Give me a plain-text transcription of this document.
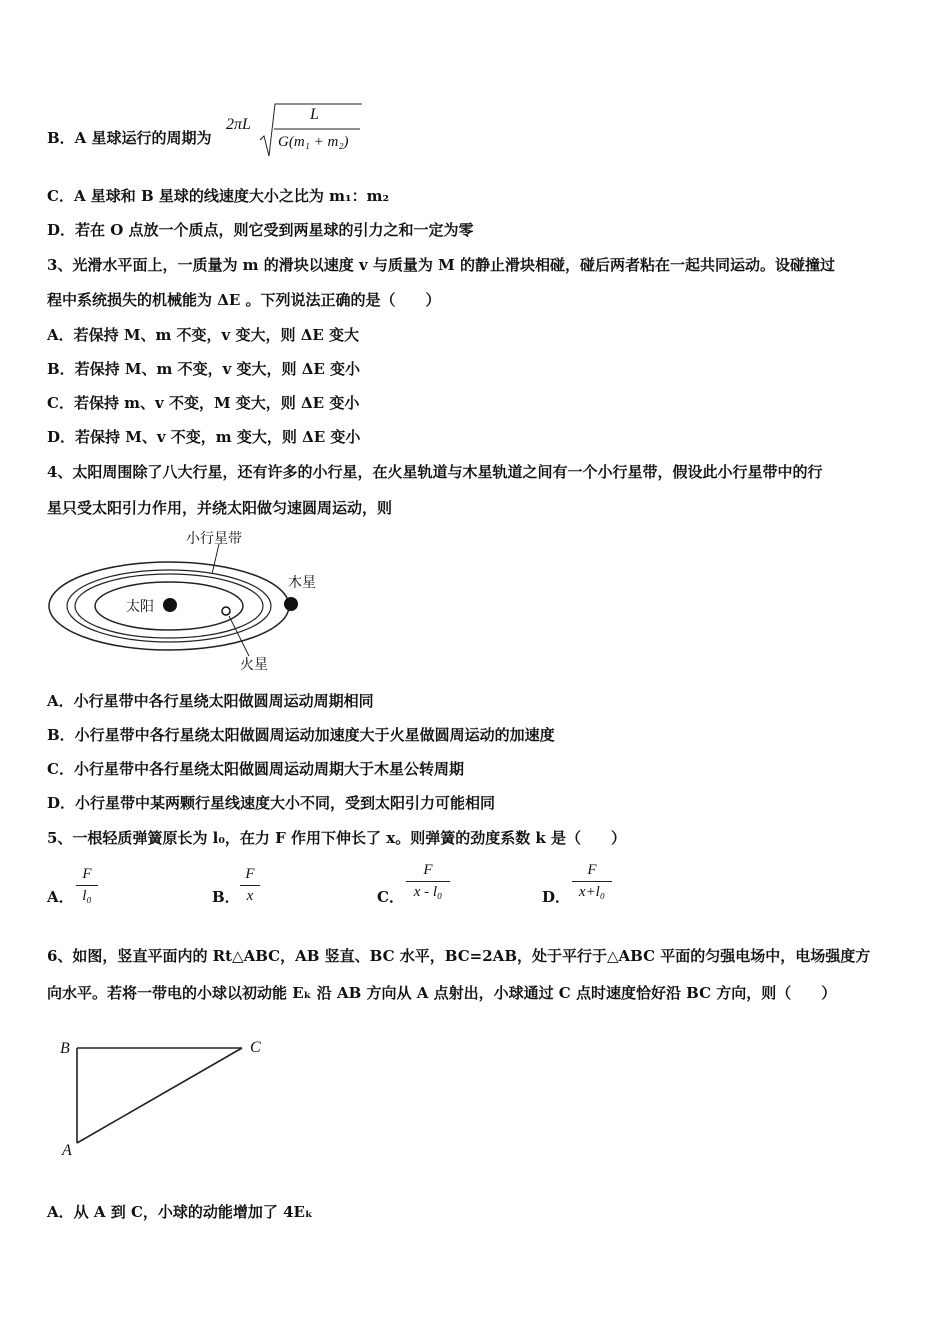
B．A 星球运行的周期为
2πL
L
G(m₁ + m₂)
C．A 星球和 B 星球的线速度大小之比为 m₁：m₂
D．若在 O 点放一个质点，则它受到两星球的引力之和一定为零
3、光滑水平面上，一质量为 m 的滑块以速度 v 与质量为 M 的静止滑块相碰，碰后两者粘在一起共同运动。设碰撞过
程中系统损失的机械能为 ΔE 。下列说法正确的是（　　）
A．若保持 M、m 不变，v 变大，则 ΔE 变大
B．若保持 M、m 不变，v 变大，则 ΔE 变小
C．若保持 m、v 不变，M 变大，则 ΔE 变小
D．若保持 M、v 不变，m 变大，则 ΔE 变小
4、太阳周围除了八大行星，还有许多的小行星，在火星轨道与木星轨道之间有一个小行星带，假设此小行星带中的行
星只受太阳引力作用，并绕太阳做匀速圆周运动，则
小行星带
木星
太阳
火星
A．小行星带中各行星绕太阳做圆周运动周期相同
B．小行星带中各行星绕太阳做圆周运动加速度大于火星做圆周运动的加速度
C．小行星带中各行星绕太阳做圆周运动周期大于木星公转周期
D．小行星带中某两颗行星线速度大小不同，受到太阳引力可能相同
5、一根轻质弹簧原长为 l₀，在力 F 作用下伸长了 x。则弹簧的劲度系数 k 是（　　）
A．
F
l₀	B．
F
x	C．
F
x - l₀	D．
F
x+l₀
6、如图，竖直平面内的 Rt△ABC，AB 竖直、BC 水平，BC=2AB，处于平行于△ABC 平面的匀强电场中，电场强度方
向水平。若将一带电的小球以初动能 Eₖ 沿 AB 方向从 A 点射出，小球通过 C 点时速度恰好沿 BC 方向，则（　　）
B	C
A
A．从 A 到 C，小球的动能增加了 4Eₖ
